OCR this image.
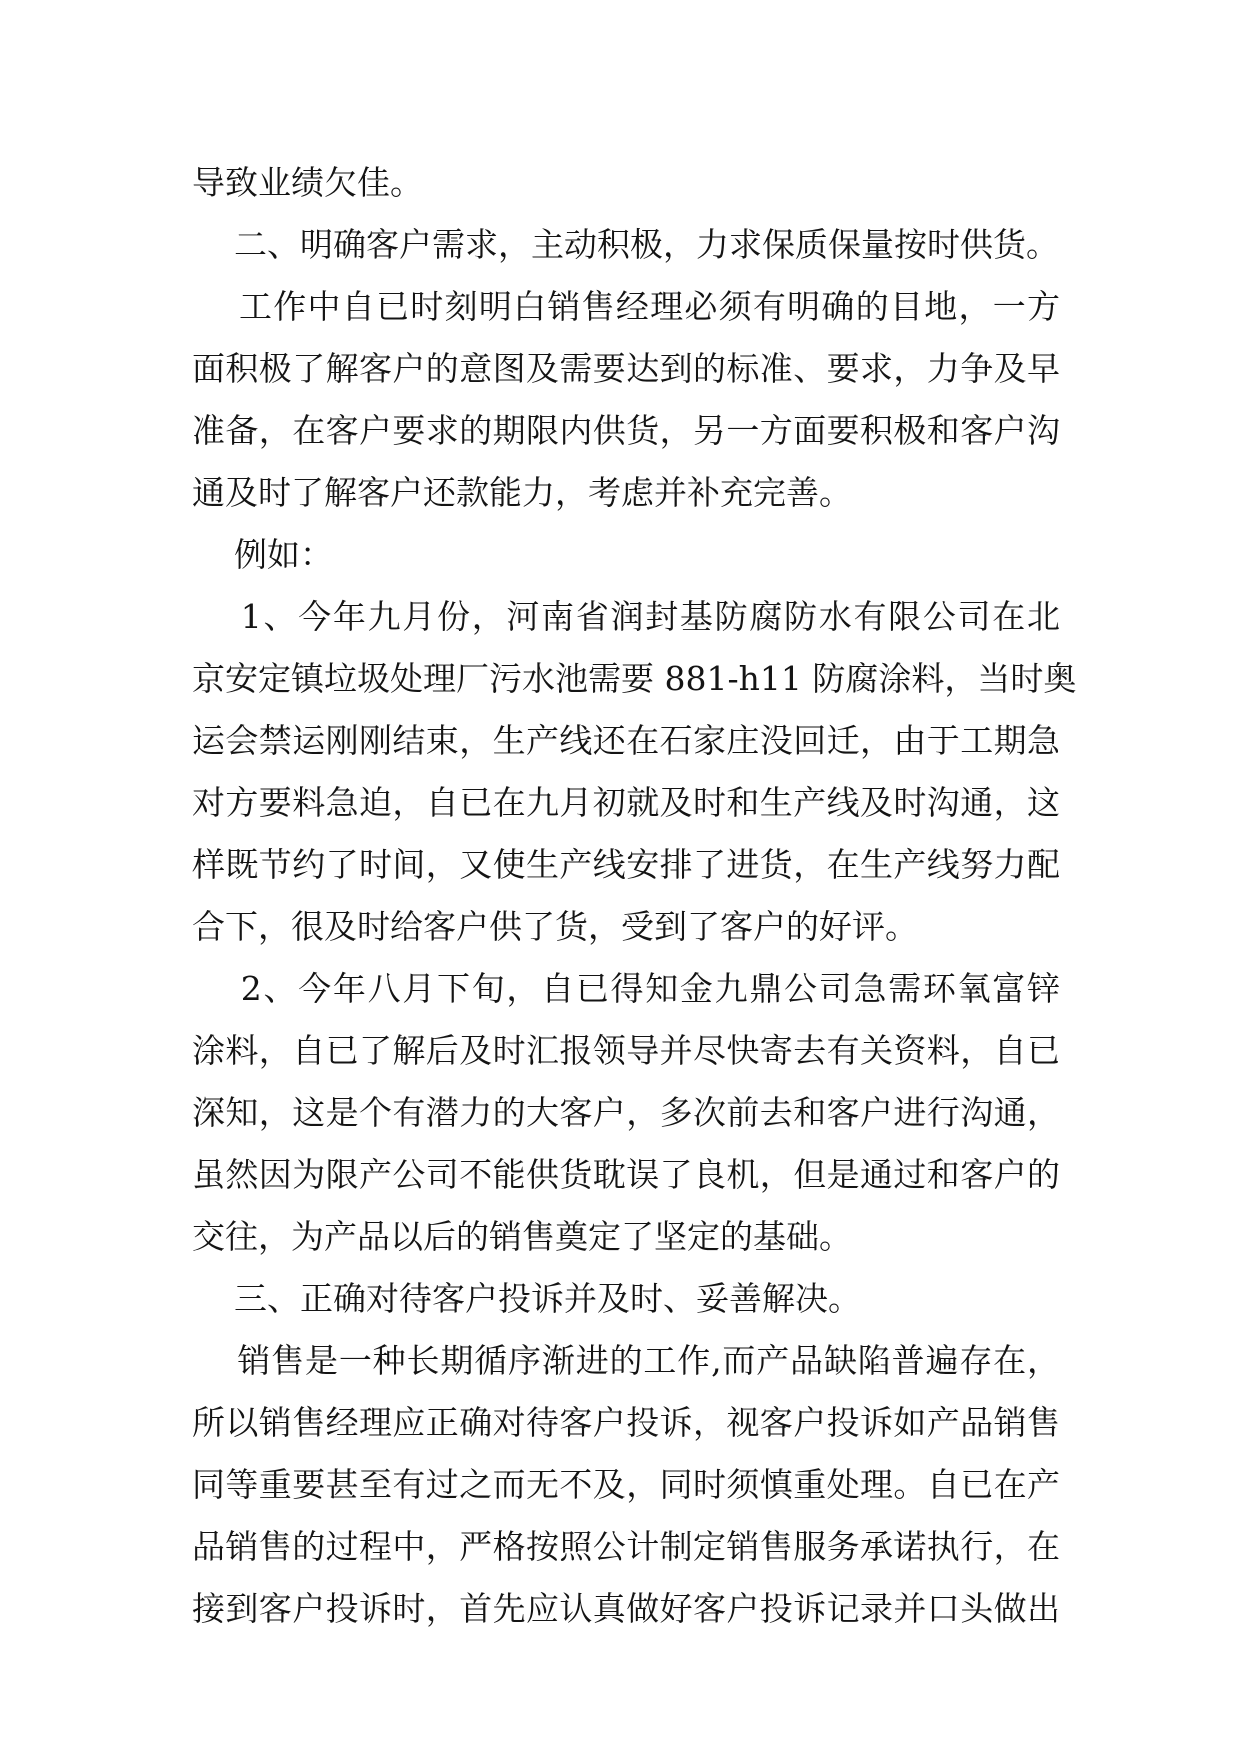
导致业绩欠佳。
二、明确客户需求，主动积极，力求保质保量按时供货。
工作中自已时刻明白销售经理必须有明确的目地，一方
面积极了解客户的意图及需要达到的标准、要求，力争及早
准备，在客户要求的期限内供货，另一方面要积极和客户沟
通及时了解客户还款能力，考虑并补充完善。
例如：
1、今年九月份，河南省润封基防腐防水有限公司在北
京安定镇垃圾处理厂污水池需要 881-h11 防腐涂料，当时奥
运会禁运刚刚结束，生产线还在石家庄没回迁，由于工期急
对方要料急迫，自已在九月初就及时和生产线及时沟通，这
样既节约了时间，又使生产线安排了进货，在生产线努力配
合下，很及时给客户供了货，受到了客户的好评。
2、今年八月下旬，自已得知金九鼎公司急需环氧富锌
涂料，自已了解后及时汇报领导并尽快寄去有关资料，自已
深知，这是个有潜力的大客户，多次前去和客户进行沟通，
虽然因为限产公司不能供货耽误了良机，但是通过和客户的
交往，为产品以后的销售奠定了坚定的基础。
三、正确对待客户投诉并及时、妥善解决。
销售是一种长期循序渐进的工作,而产品缺陷普遍存在，
所以销售经理应正确对待客户投诉，视客户投诉如产品销售
同等重要甚至有过之而无不及，同时须慎重处理。自已在产
品销售的过程中，严格按照公计制定销售服务承诺执行，在
接到客户投诉时，首先应认真做好客户投诉记录并口头做出
